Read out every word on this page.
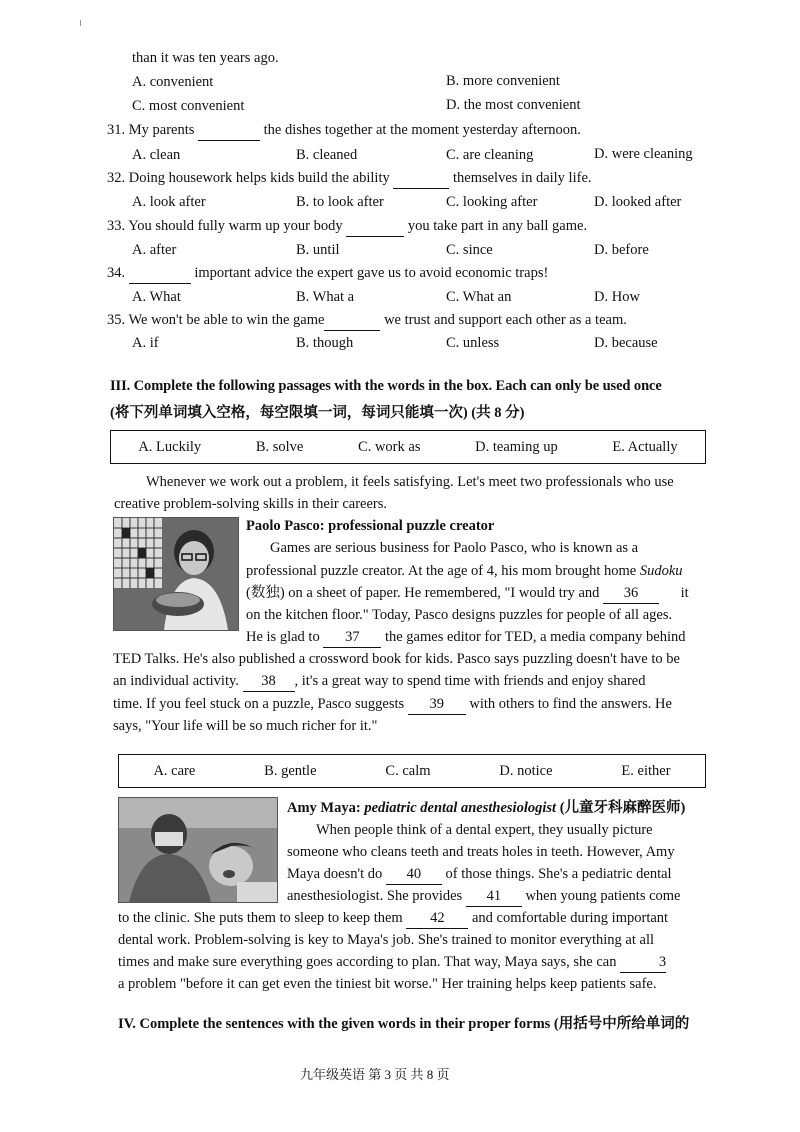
than it was ten years ago.
A. convenient	B. more convenient
C. most convenient	D. the most convenient
31. My parents	the dishes together at the moment yesterday afternoon.
A. clean	B. cleaned	C. are cleaning	D. were cleaning
32. Doing housework helps kids build the ability	themselves in daily life.
A. look after	B. to look after	C. looking after	D. looked after
33. You should fully warm up your body	you take part in any ball game.
A. after	B. until	C. since	D. before
34.	important advice the expert gave us to avoid economic traps!
A. What	B. What a	C. What an	D. How
35. We won't be able to win the game	we trust and support each other as a team.
A. if	B. though	C. unless	D. because
III. Complete the following passages with the words in the box. Each can only be used once
(将下列单词填入空格，每空限填一词，每词只能填一次) (共 8 分)
A. Luckily	B. solve	C. work as	D. teaming up	E. Actually
Whenever we work out a problem, it feels satisfying. Let's meet two professionals who use
creative problem-solving skills in their careers.
Paolo Pasco: professional puzzle creator
Games are serious business for Paolo Pasco, who is known as a
professional puzzle creator. At the age of 4, his mom brought home Sudoku
(数独) on a sheet of paper. He remembered, "I would try and 36	it
on the kitchen floor." Today, Pasco designs puzzles for people of all ages.
He is glad to 37 the games editor for TED, a media company behind
TED Talks. He's also published a crossword book for kids. Pasco says puzzling doesn't have to be
an individual activity. 38 , it's a great way to spend time with friends and enjoy shared
time. If you feel stuck on a puzzle, Pasco suggests 39 with others to find the answers. He
says, "Your life will be so much richer for it."
A. care	B. gentle	C. calm	D. notice	E. either
Amy Maya: pediatric dental anesthesiologist (儿童牙科麻醉医师)
When people think of a dental expert, they usually picture
someone who cleans teeth and treats holes in teeth. However, Amy
Maya doesn't do 40 of those things. She's a pediatric dental
anesthesiologist. She provides 41 when young patients come
to the clinic. She puts them to sleep to keep them 42 and comfortable during important
dental work. Problem-solving is key to Maya's job. She's trained to monitor everything at all
times and make sure everything goes according to plan. That way, Maya says, she can	3
a problem "before it can get even the tiniest bit worse." Her training helps keep patients safe.
IV. Complete the sentences with the given words in their proper forms (用括号中所给单词的
九年级英语 第 3 页 共 8 页
